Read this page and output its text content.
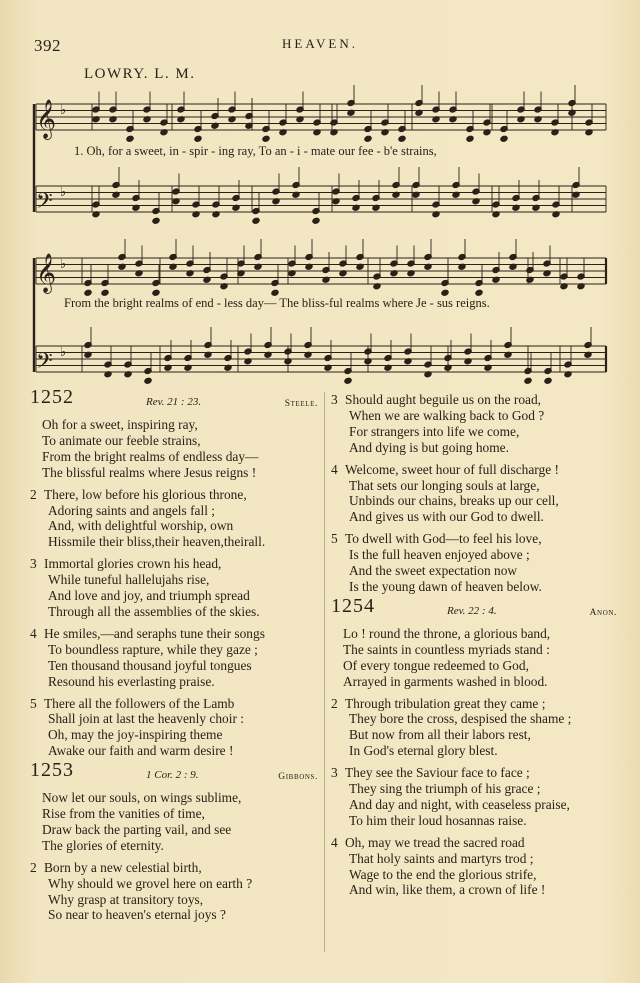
392	HEAVEN.
LOWRY. L. M.
𝄞 ♭
𝄢 ♭
𝄞 ♭
𝄢 ♭
1. Oh, for a sweet, in - spir - ing ray, To an - i - mate our fee - b'e strains,
From the bright realms of end - less day— The bliss-ful realms where Je - sus reigns.
1252	Rev. 21 : 23.	Steele.
Oh for a sweet, inspiring ray,
To animate our feeble strains,
From the bright realms of endless day—
The blissful realms where Jesus reigns !
2 There, low before his glorious throne,
Adoring saints and angels fall ;
And, with delightful worship, own
Hissmile their bliss,their heaven,theirall.
3 Immortal glories crown his head,
While tuneful hallelujahs rise,
And love and joy, and triumph spread
Through all the assemblies of the skies.
4 He smiles,—and seraphs tune their songs
To boundless rapture, while they gaze ;
Ten thousand thousand joyful tongues
Resound his everlasting praise.
5 There all the followers of the Lamb
Shall join at last the heavenly choir :
Oh, may the joy-inspiring theme
Awake our faith and warm desire !
1253	1 Cor. 2 : 9.	Gibbons.
Now let our souls, on wings sublime,
Rise from the vanities of time,
Draw back the parting vail, and see
The glories of eternity.
2 Born by a new celestial birth,
Why should we grovel here on earth ?
Why grasp at transitory toys,
So near to heaven's eternal joys ?
3 Should aught beguile us on the road,
When we are walking back to God ?
For strangers into life we come,
And dying is but going home.
4 Welcome, sweet hour of full discharge !
That sets our longing souls at large,
Unbinds our chains, breaks up our cell,
And gives us with our God to dwell.
5 To dwell with God—to feel his love,
Is the full heaven enjoyed above ;
And the sweet expectation now
Is the young dawn of heaven below.
1254	Rev. 22 : 4.	Anon.
Lo ! round the throne, a glorious band,
The saints in countless myriads stand :
Of every tongue redeemed to God,
Arrayed in garments washed in blood.
2 Through tribulation great they came ;
They bore the cross, despised the shame ;
But now from all their labors rest,
In God's eternal glory blest.
3 They see the Saviour face to face ;
They sing the triumph of his grace ;
And day and night, with ceaseless praise,
To him their loud hosannas raise.
4 Oh, may we tread the sacred road
That holy saints and martyrs trod ;
Wage to the end the glorious strife,
And win, like them, a crown of life !
